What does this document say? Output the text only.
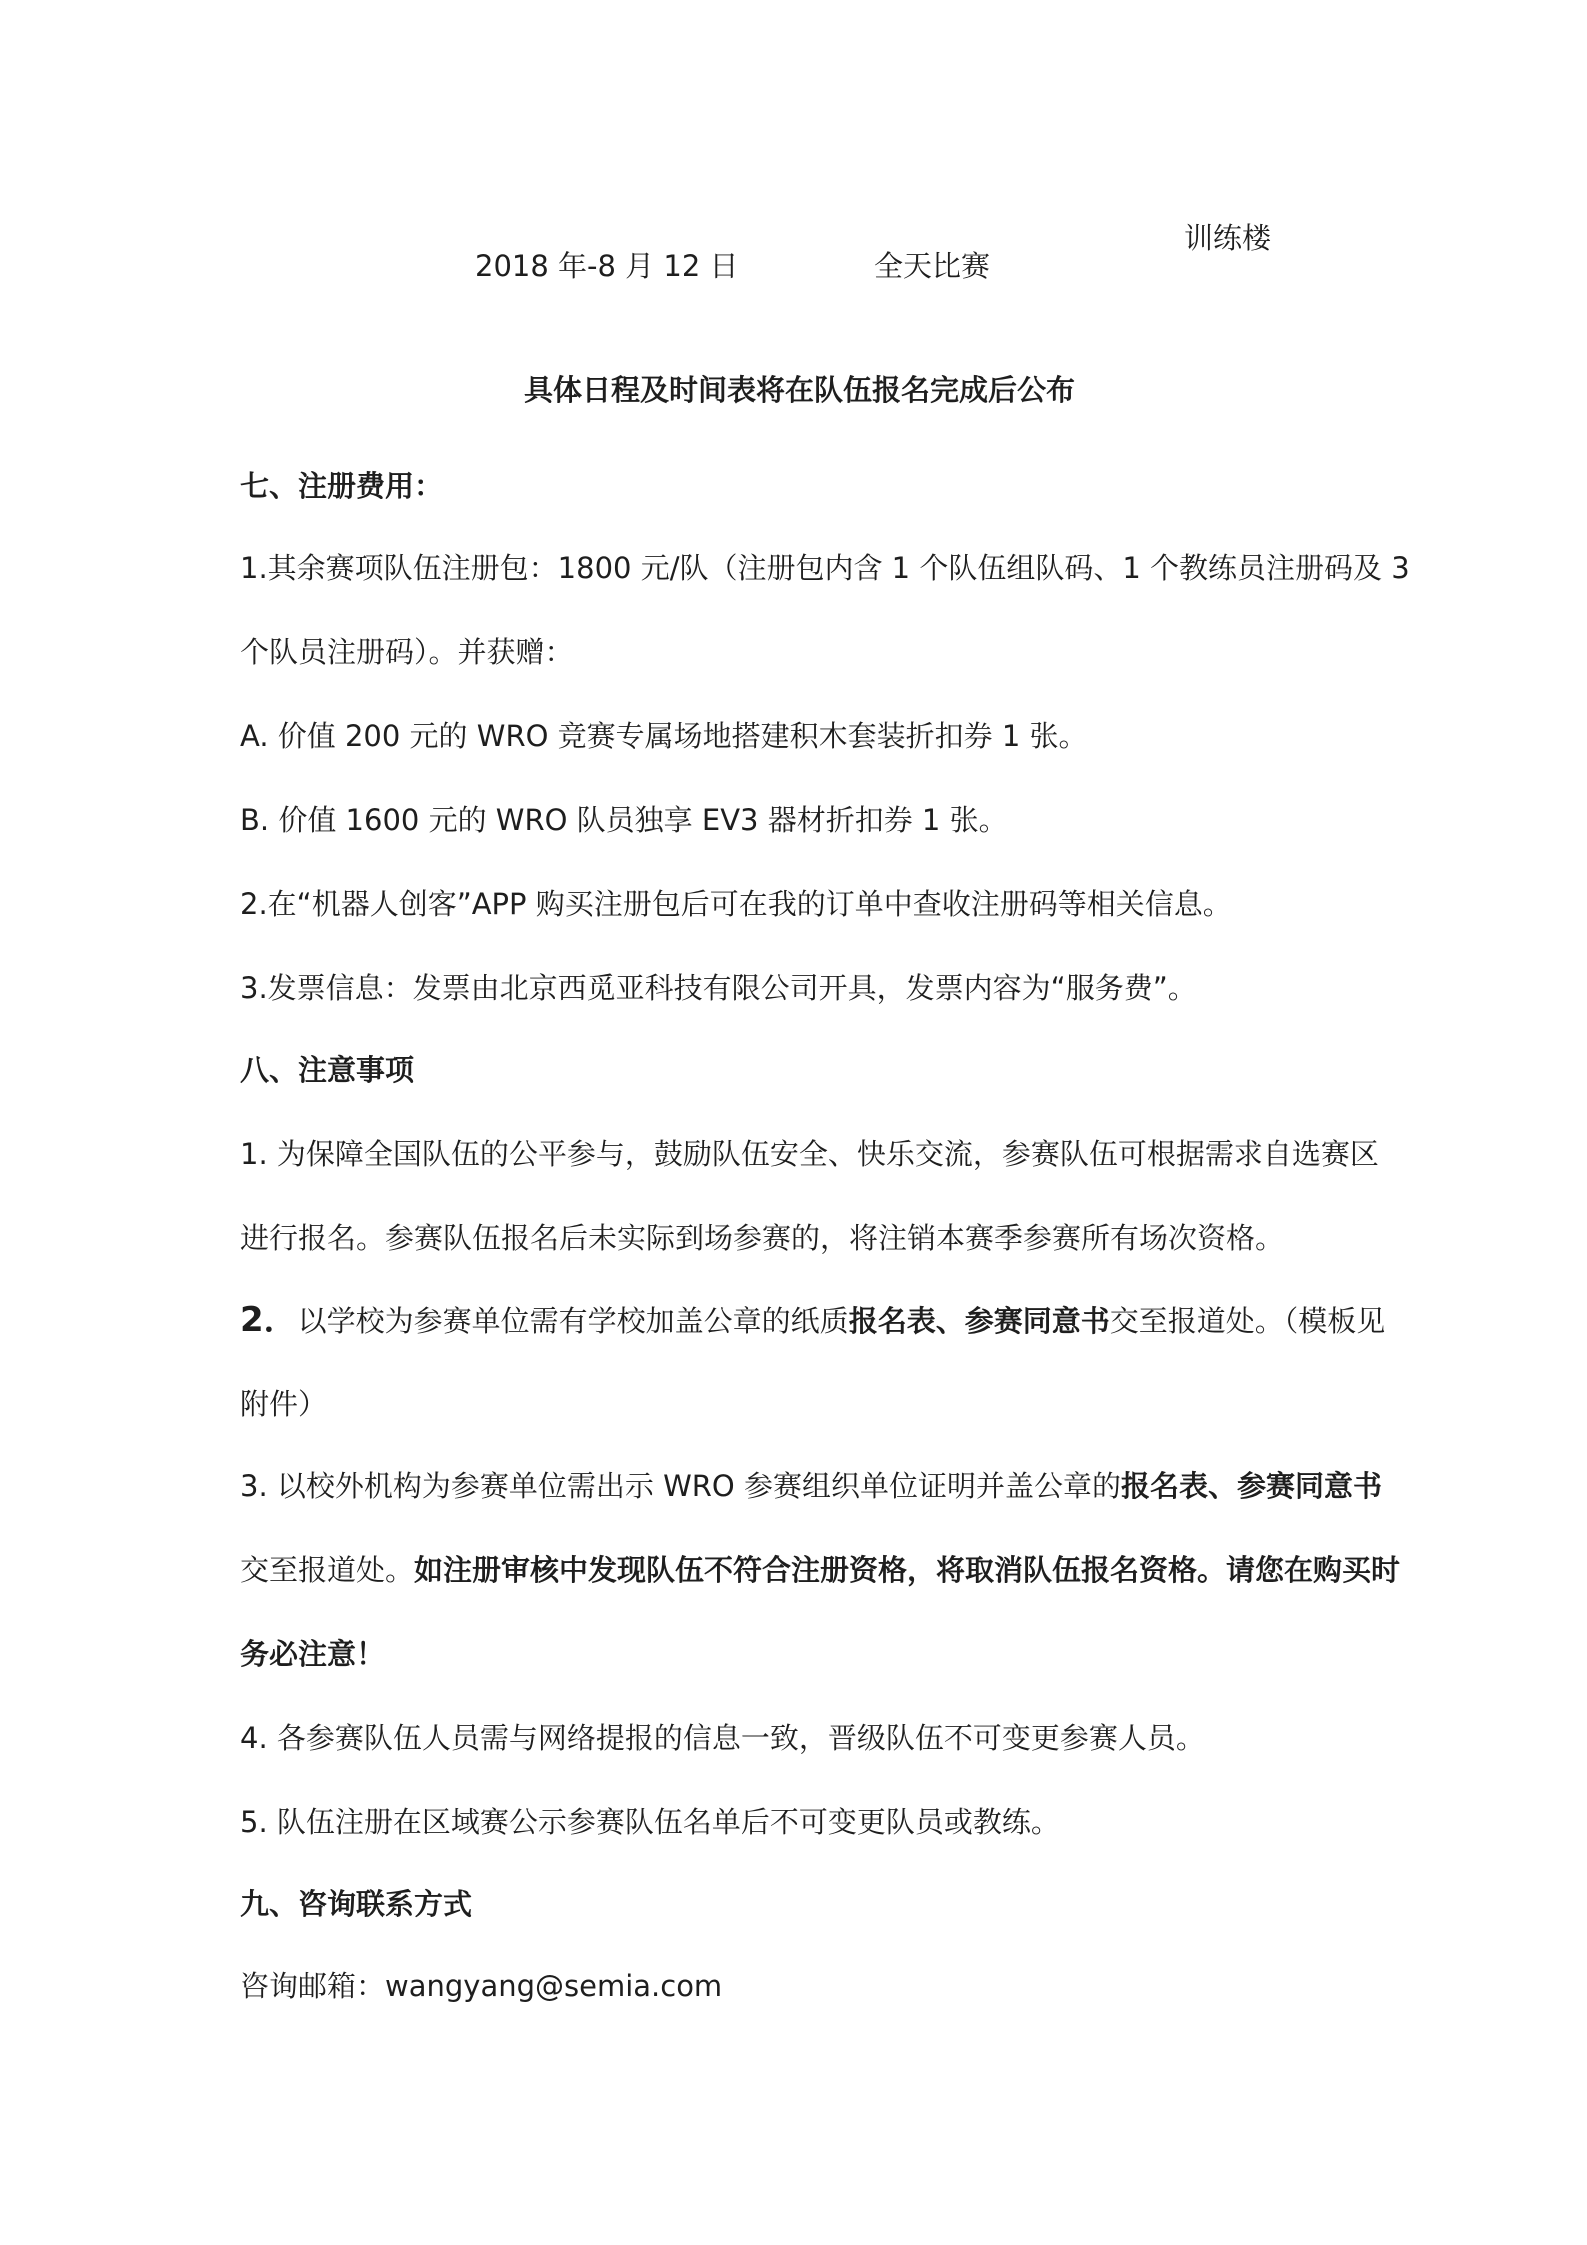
2018 年-8 月 12 日	全天比赛
训练楼
具体日程及时间表将在队伍报名完成后公布
七、注册费用：
1.其余赛项队伍注册包：1800 元/队（注册包内含 1 个队伍组队码、1 个教练员注册码及 3
个队员注册码）。并获赠：
A. 价值 200 元的 WRO 竞赛专属场地搭建积木套装折扣券 1 张。
B. 价值 1600 元的 WRO 队员独享 EV3 器材折扣券 1 张。
2.在“机器人创客”APP 购买注册包后可在我的订单中查收注册码等相关信息。
3.发票信息：发票由北京西觅亚科技有限公司开具，发票内容为“服务费”。
八、注意事项
1. 为保障全国队伍的公平参与，鼓励队伍安全、快乐交流，参赛队伍可根据需求自选赛区
进行报名。参赛队伍报名后未实际到场参赛的，将注销本赛季参赛所有场次资格。
2．以学校为参赛单位需有学校加盖公章的纸质报名表、参赛同意书交至报道处。（模板见
附件）
3. 以校外机构为参赛单位需出示 WRO 参赛组织单位证明并盖公章的报名表、参赛同意书
交至报道处。如注册审核中发现队伍不符合注册资格，将取消队伍报名资格。请您在购买时
务必注意！
4. 各参赛队伍人员需与网络提报的信息一致，晋级队伍不可变更参赛人员。
5. 队伍注册在区域赛公示参赛队伍名单后不可变更队员或教练。
九、咨询联系方式
咨询邮箱：wangyang@semia.com
